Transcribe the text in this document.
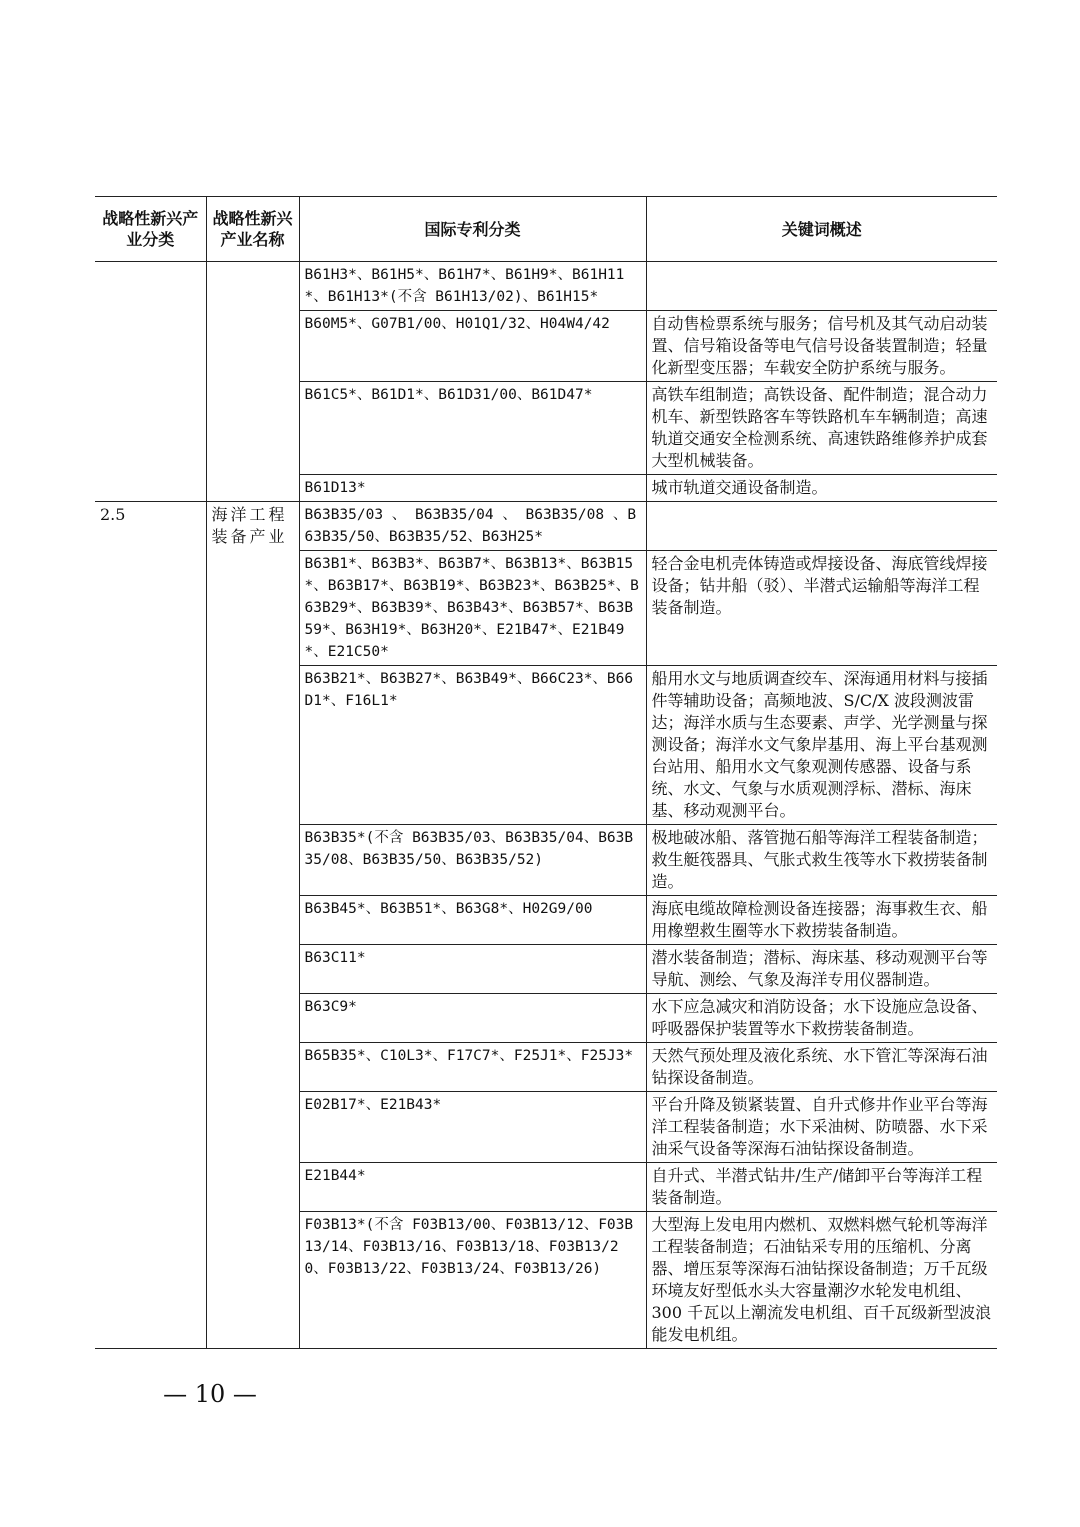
战略性新兴产业分类	战略性新兴产业名称	国际专利分类	关键词概述
		B61H3*、B61H5*、B61H7*、B61H9*、B61H11*、B61H13*(不含 B61H13/02)、B61H15*	
		B60M5*、G07B1/00、H01Q1/32、H04W4/42	自动售检票系统与服务；信号机及其气动启动装置、信号箱设备等电气信号设备装置制造；轻量化新型变压器；车载安全防护系统与服务。
		B61C5*、B61D1*、B61D31/00、B61D47*	高铁车组制造；高铁设备、配件制造；混合动力机车、新型铁路客车等铁路机车车辆制造；高速轨道交通安全检测系统、高速铁路维修养护成套大型机械装备。
		B61D13*	城市轨道交通设备制造。
2.5	海洋工程装备产业	B63B35/03 、 B63B35/04 、 B63B35/08 、B63B35/50、B63B35/52、B63H25*	
		B63B1*、B63B3*、B63B7*、B63B13*、B63B15*、B63B17*、B63B19*、B63B23*、B63B25*、B63B29*、B63B39*、B63B43*、B63B57*、B63B59*、B63H19*、B63H20*、E21B47*、E21B49*、E21C50*	轻合金电机壳体铸造或焊接设备、海底管线焊接设备；钻井船（驳）、半潜式运输船等海洋工程装备制造。
		B63B21*、B63B27*、B63B49*、B66C23*、B66D1*、F16L1*	船用水文与地质调查绞车、深海通用材料与接插件等辅助设备；高频地波、S/C/X 波段测波雷达；海洋水质与生态要素、声学、光学测量与探测设备；海洋水文气象岸基用、海上平台基观测台站用、船用水文气象观测传感器、设备与系统、水文、气象与水质观测浮标、潜标、海床基、移动观测平台。
		B63B35*(不含 B63B35/03、B63B35/04、B63B35/08、B63B35/50、B63B35/52)	极地破冰船、落管抛石船等海洋工程装备制造；救生艇筏器具、气胀式救生筏等水下救捞装备制造。
		B63B45*、B63B51*、B63G8*、H02G9/00	海底电缆故障检测设备连接器；海事救生衣、船用橡塑救生圈等水下救捞装备制造。
		B63C11*	潜水装备制造；潜标、海床基、移动观测平台等导航、测绘、气象及海洋专用仪器制造。
		B63C9*	水下应急减灾和消防设备；水下设施应急设备、呼吸器保护装置等水下救捞装备制造。
		B65B35*、C10L3*、F17C7*、F25J1*、F25J3*	天然气预处理及液化系统、水下管汇等深海石油钻探设备制造。
		E02B17*、E21B43*	平台升降及锁紧装置、自升式修井作业平台等海洋工程装备制造；水下采油树、防喷器、水下采油采气设备等深海石油钻探设备制造。
		E21B44*	自升式、半潜式钻井/生产/储卸平台等海洋工程装备制造。
		F03B13*(不含 F03B13/00、F03B13/12、F03B13/14、F03B13/16、F03B13/18、F03B13/20、F03B13/22、F03B13/24、F03B13/26)	大型海上发电用内燃机、双燃料燃气轮机等海洋工程装备制造；石油钻采专用的压缩机、分离器、增压泵等深海石油钻探设备制造；万千瓦级环境友好型低水头大容量潮汐水轮发电机组、300 千瓦以上潮流发电机组、百千瓦级新型波浪能发电机组。
— 10 —
